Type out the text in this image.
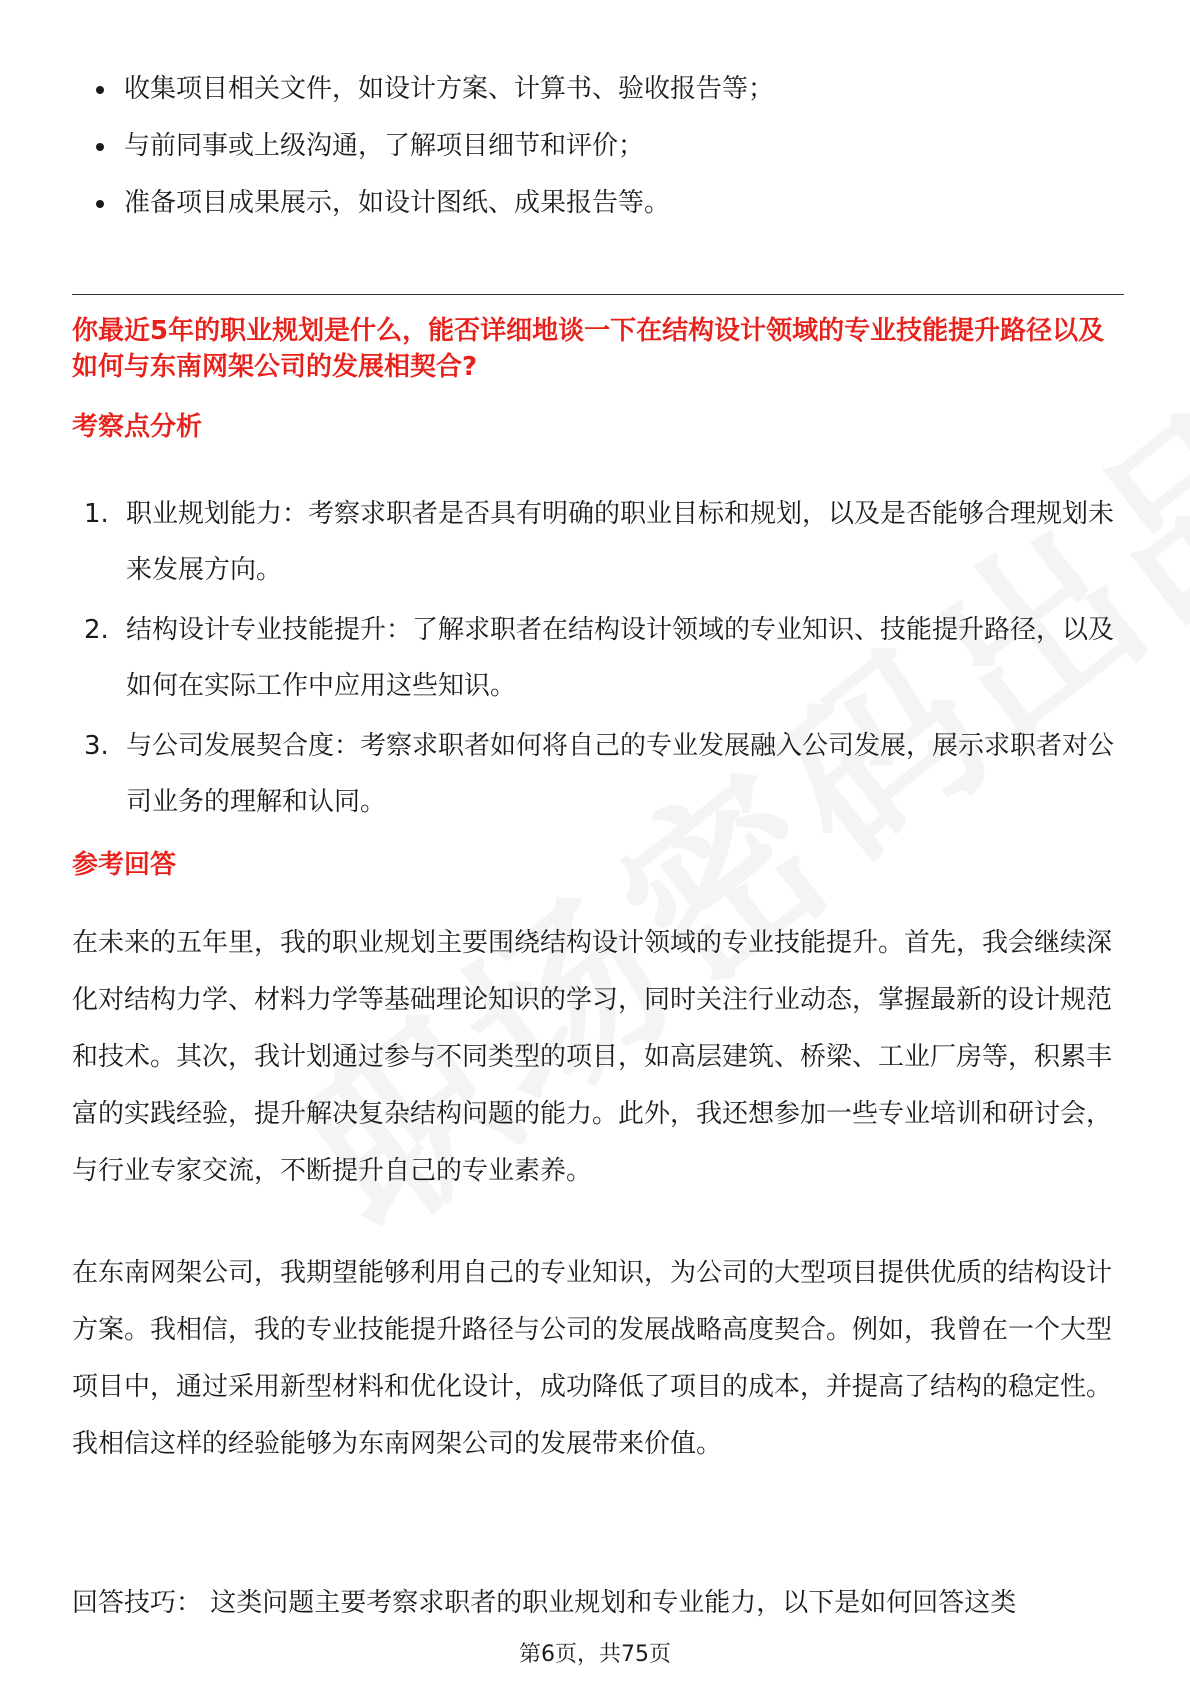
收集项目相关文件，如设计方案、计算书、验收报告等；
与前同事或上级沟通，了解项目细节和评价；
准备项目成果展示，如设计图纸、成果报告等。
你最近5年的职业规划是什么，能否详细地谈一下在结构设计领域的专业技能提升路径以及如何与东南网架公司的发展相契合?
考察点分析
1. 职业规划能力：考察求职者是否具有明确的职业目标和规划，以及是否能够合理规划未来发展方向。
2. 结构设计专业技能提升：了解求职者在结构设计领域的专业知识、技能提升路径，以及如何在实际工作中应用这些知识。
3. 与公司发展契合度：考察求职者如何将自己的专业发展融入公司发展，展示求职者对公司业务的理解和认同。
参考回答

在未来的五年里，我的职业规划主要围绕结构设计领域的专业技能提升。首先，我会继续深化对结构力学、材料力学等基础理论知识的学习，同时关注行业动态，掌握最新的设计规范和技术。其次，我计划通过参与不同类型的项目，如高层建筑、桥梁、工业厂房等，积累丰富的实践经验，提升解决复杂结构问题的能力。此外，我还想参加一些专业培训和研讨会，与行业专家交流，不断提升自己的专业素养。

在东南网架公司，我期望能够利用自己的专业知识，为公司的大型项目提供优质的结构设计方案。我相信，我的专业技能提升路径与公司的发展战略高度契合。例如，我曾在一个大型项目中，通过采用新型材料和优化设计，成功降低了项目的成本，并提高了结构的稳定性。我相信这样的经验能够为东南网架公司的发展带来价值。

回答技巧： 这类问题主要考察求职者的职业规划和专业能力，以下是如何回答这类

第6页，共75页
